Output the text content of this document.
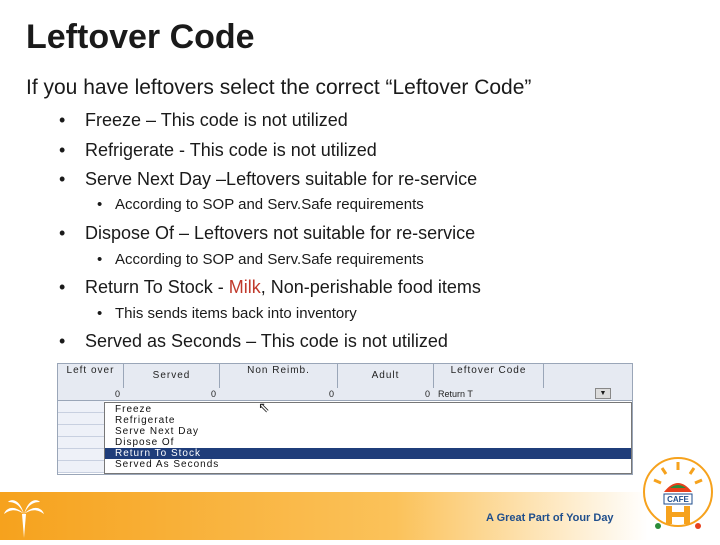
Leftover Code
If you have leftovers select the correct “Leftover Code”
• Freeze – This code is not utilized
• Refrigerate - This code is not utilized
• Serve Next Day –Leftovers suitable for re-service
• According to SOP and Serv.Safe requirements
• Dispose Of – Leftovers not suitable for re-service
• According to SOP and Serv.Safe requirements
• Return To Stock - Milk, Non-perishable food items
• This sends items back into inventory
• Served as Seconds – This code is not utilized
Left over	Served	Non Reimb.	Adult	Leftover Code
0	0	0	0 Return T	▼
Freeze
Refrigerate
Serve Next Day
Dispose Of
Return To Stock
Served As Seconds
⇖
A Great Part of Your Day
CAFE
